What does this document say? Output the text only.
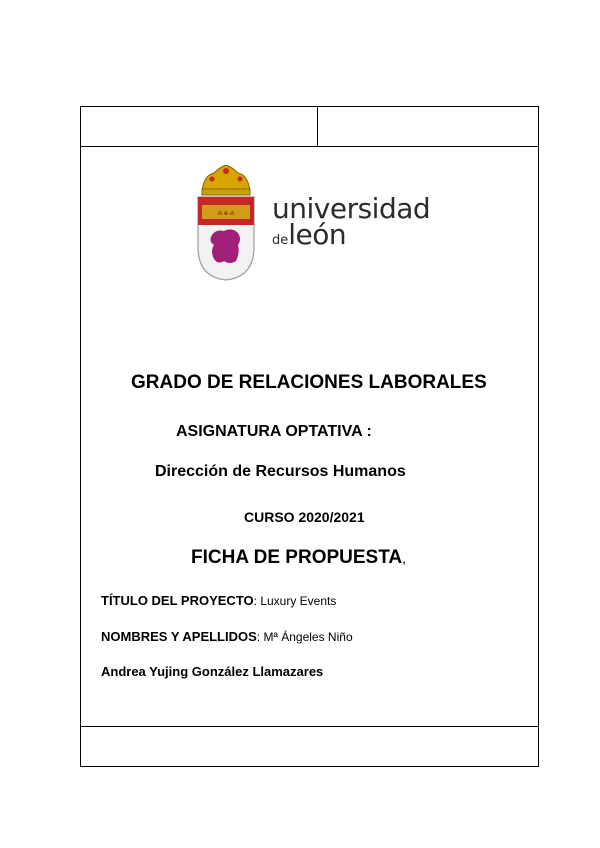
⁂ ✠ ⁂ universidad
deleón
GRADO DE RELACIONES LABORALES
ASIGNATURA OPTATIVA :
Dirección de Recursos Humanos
CURSO 2020/2021
FICHA DE PROPUESTA,
TÍTULO DEL PROYECTO: Luxury Events
NOMBRES Y APELLIDOS: Mª Ángeles Niño
Andrea Yujing González Llamazares
